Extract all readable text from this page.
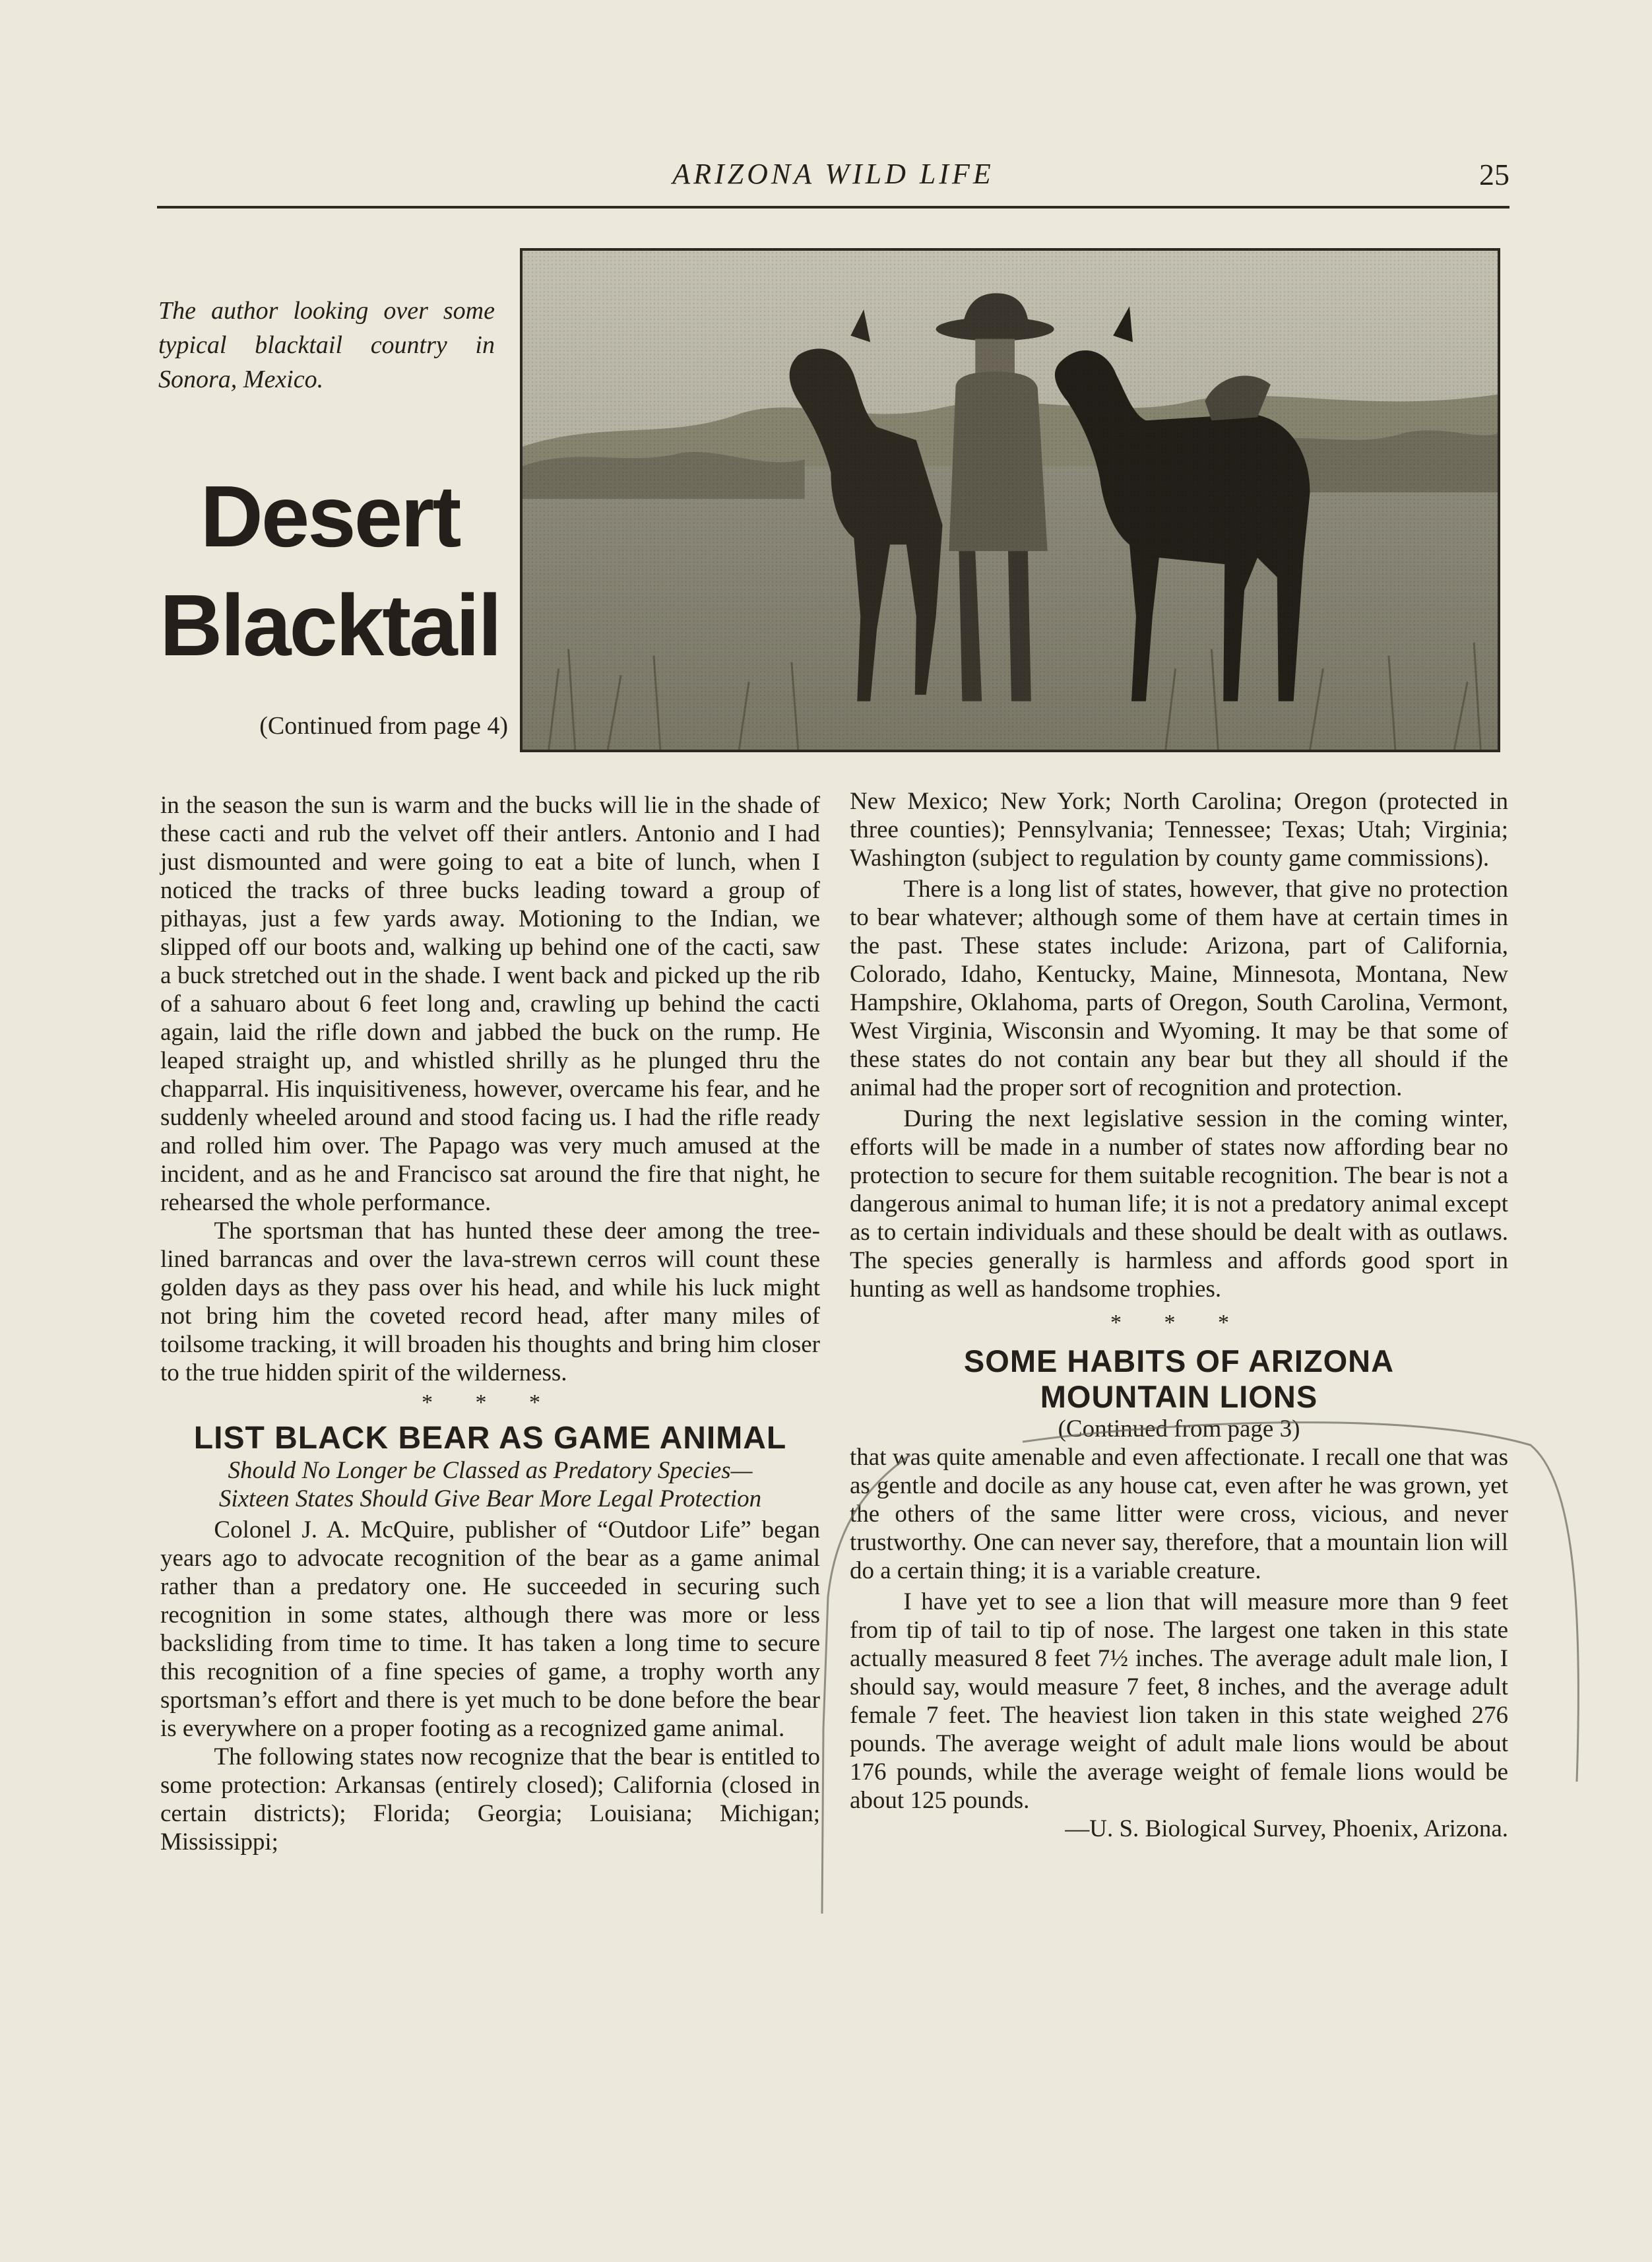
ARIZONA WILD LIFE	25
The author looking over some typical blacktail country in Sonora, Mexico.
Desert
Blacktail
(Continued from page 4)

in the season the sun is warm and the bucks will lie in the shade of these cacti and rub the velvet off their antlers. Antonio and I had just dismounted and were going to eat a bite of lunch, when I noticed the tracks of three bucks leading toward a group of pithayas, just a few yards away. Motioning to the Indian, we slipped off our boots and, walking up behind one of the cacti, saw a buck stretched out in the shade. I went back and picked up the rib of a sahuaro about 6 feet long and, crawling up behind the cacti again, laid the rifle down and jabbed the buck on the rump. He leaped straight up, and whistled shrilly as he plunged thru the chapparral. His inquisitiveness, however, overcame his fear, and he suddenly wheeled around and stood facing us. I had the rifle ready and rolled him over. The Papago was very much amused at the incident, and as he and Francisco sat around the fire that night, he rehearsed the whole performance.

The sportsman that has hunted these deer among the tree-lined barrancas and over the lava-strewn cerros will count these golden days as they pass over his head, and while his luck might not bring him the coveted record head, after many miles of toilsome tracking, it will broaden his thoughts and bring him closer to the true hidden spirit of the wilderness.

* * *
LIST BLACK BEAR AS GAME ANIMAL
Should No Longer be Classed as Predatory Species— Sixteen States Should Give Bear More Legal Protection

Colonel J. A. McQuire, publisher of “Outdoor Life” began years ago to advocate recognition of the bear as a game animal rather than a predatory one. He succeeded in securing such recognition in some states, although there was more or less backsliding from time to time. It has taken a long time to secure this recognition of a fine species of game, a trophy worth any sportsman’s effort and there is yet much to be done before the bear is everywhere on a proper footing as a recognized game animal.

The following states now recognize that the bear is entitled to some protection: Arkansas (entirely closed); California (closed in certain districts); Florida; Georgia; Louisiana; Michigan; Mississippi;

New Mexico; New York; North Carolina; Oregon (protected in three counties); Pennsylvania; Tennessee; Texas; Utah; Virginia; Washington (subject to regulation by county game commissions).

There is a long list of states, however, that give no protection to bear whatever; although some of them have at certain times in the past. These states include: Arizona, part of California, Colorado, Idaho, Kentucky, Maine, Minnesota, Montana, New Hampshire, Oklahoma, parts of Oregon, South Carolina, Vermont, West Virginia, Wisconsin and Wyoming. It may be that some of these states do not contain any bear but they all should if the animal had the proper sort of recognition and protection.

During the next legislative session in the coming winter, efforts will be made in a number of states now affording bear no protection to secure for them suitable recognition. The bear is not a dangerous animal to human life; it is not a predatory animal except as to certain individuals and these should be dealt with as outlaws. The species generally is harmless and affords good sport in hunting as well as handsome trophies.

* * *
SOME HABITS OF ARIZONA
MOUNTAIN LIONS
(Continued from page 3)

that was quite amenable and even affectionate. I recall one that was as gentle and docile as any house cat, even after he was grown, yet the others of the same litter were cross, vicious, and never trustworthy. One can never say, therefore, that a mountain lion will do a certain thing; it is a variable creature.

I have yet to see a lion that will measure more than 9 feet from tip of tail to tip of nose. The largest one taken in this state actually measured 8 feet 7½ inches. The average adult male lion, I should say, would measure 7 feet, 8 inches, and the average adult female 7 feet. The heaviest lion taken in this state weighed 276 pounds. The average weight of adult male lions would be about 176 pounds, while the average weight of female lions would be about 125 pounds.

—U. S. Biological Survey, Phoenix, Arizona.
